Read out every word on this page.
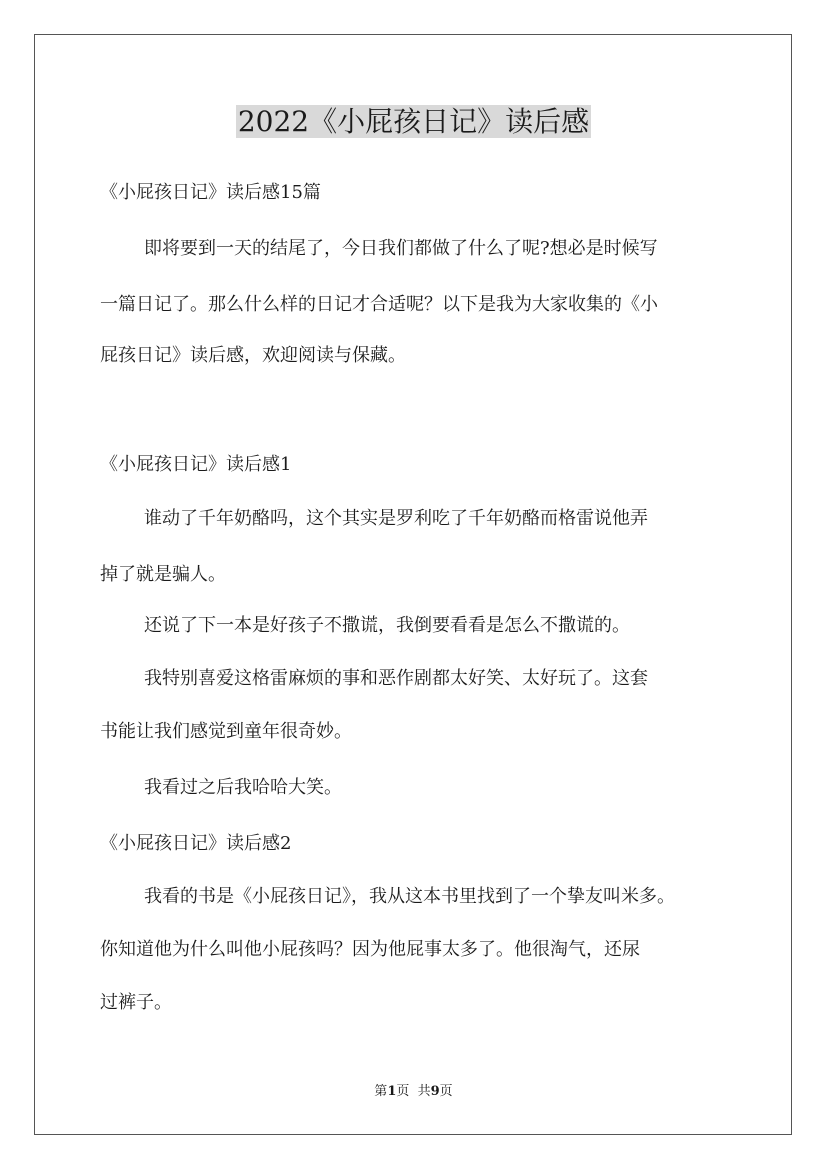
2022《小屁孩日记》读后感

《小屁孩日记》读后感15篇

即将要到一天的结尾了，今日我们都做了什么了呢?想必是时候写

一篇日记了。那么什么样的日记才合适呢？以下是我为大家收集的《小

屁孩日记》读后感，欢迎阅读与保藏。

《小屁孩日记》读后感1

谁动了千年奶酪吗，这个其实是罗利吃了千年奶酪而格雷说他弄

掉了就是骗人。

还说了下一本是好孩子不撒谎，我倒要看看是怎么不撒谎的。

我特别喜爱这格雷麻烦的事和恶作剧都太好笑、太好玩了。这套

书能让我们感觉到童年很奇妙。

我看过之后我哈哈大笑。

《小屁孩日记》读后感2

我看的书是《小屁孩日记》，我从这本书里找到了一个挚友叫米多。

你知道他为什么叫他小屁孩吗？因为他屁事太多了。他很淘气，还尿

过裤子。

第1页  共9页
